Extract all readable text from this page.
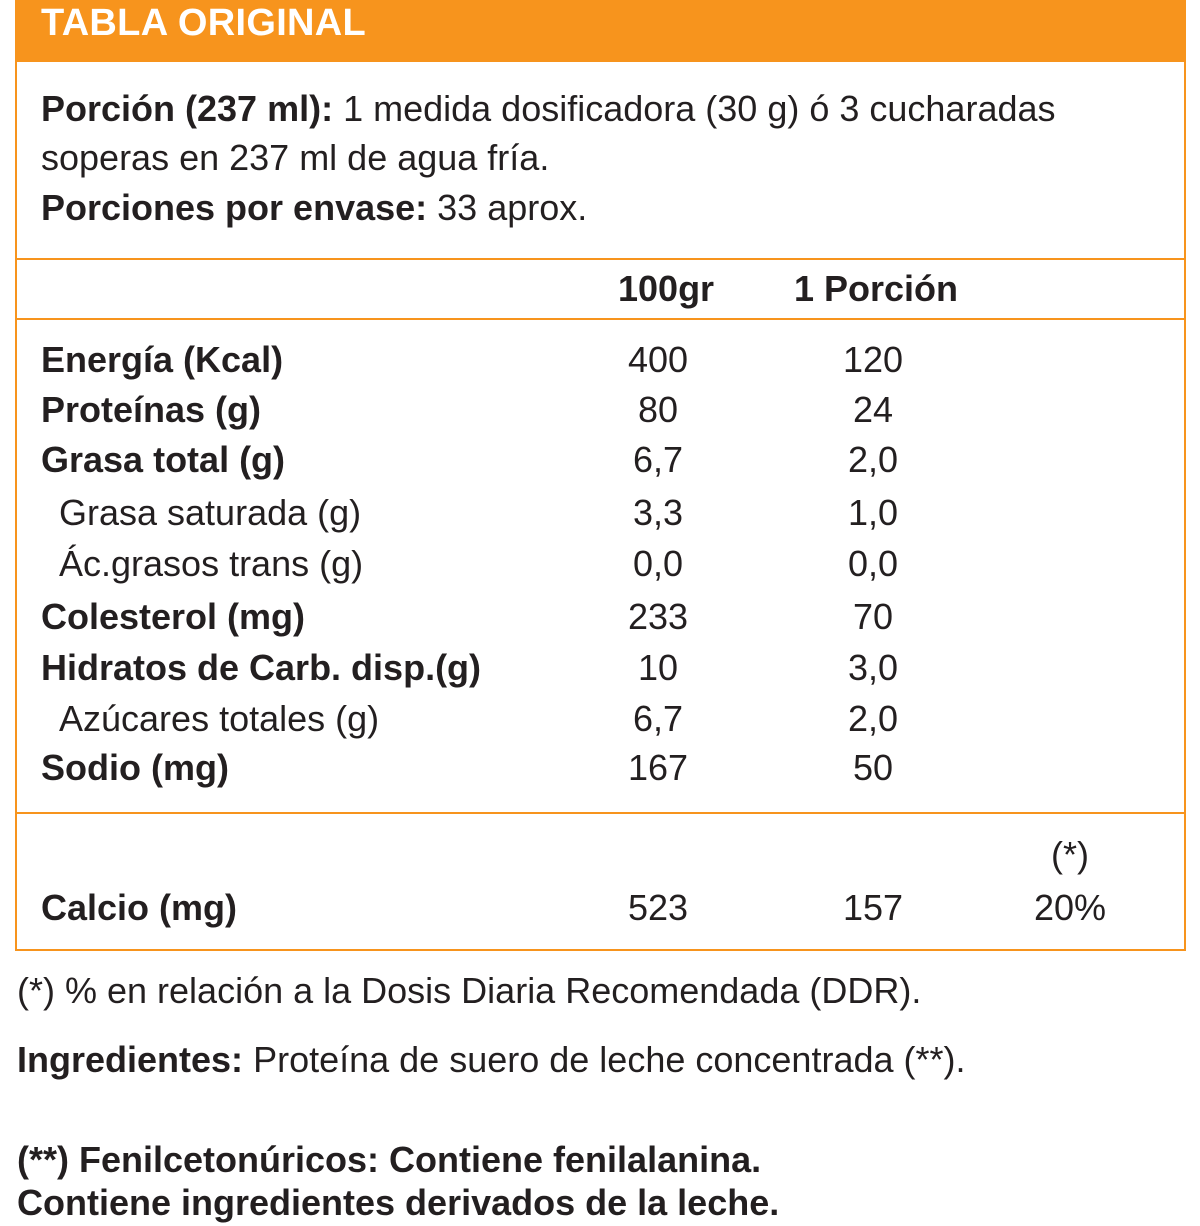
TABLA ORIGINAL
Porción (237 ml): 1 medida dosificadora (30 g) ó 3 cucharadas
soperas en 237 ml de agua fría.
Porciones por envase: 33 aprox.
100gr 1 Porción
Energía (Kcal)	400	120
Proteínas (g)	80	24
Grasa total (g)	6,7	2,0
Grasa saturada (g)	3,3	1,0
Ác.grasos trans (g)	0,0	0,0
Colesterol (mg)	233	70
Hidratos de Carb. disp.(g)	10	3,0
Azúcares totales (g)	6,7	2,0
Sodio (mg)	167	50
(*)
Calcio (mg)	523	157	20%
(*) % en relación a la Dosis Diaria Recomendada (DDR).
Ingredientes: Proteína de suero de leche concentrada (**).
(**) Fenilcetonúricos: Contiene fenilalanina.
Contiene ingredientes derivados de la leche.
